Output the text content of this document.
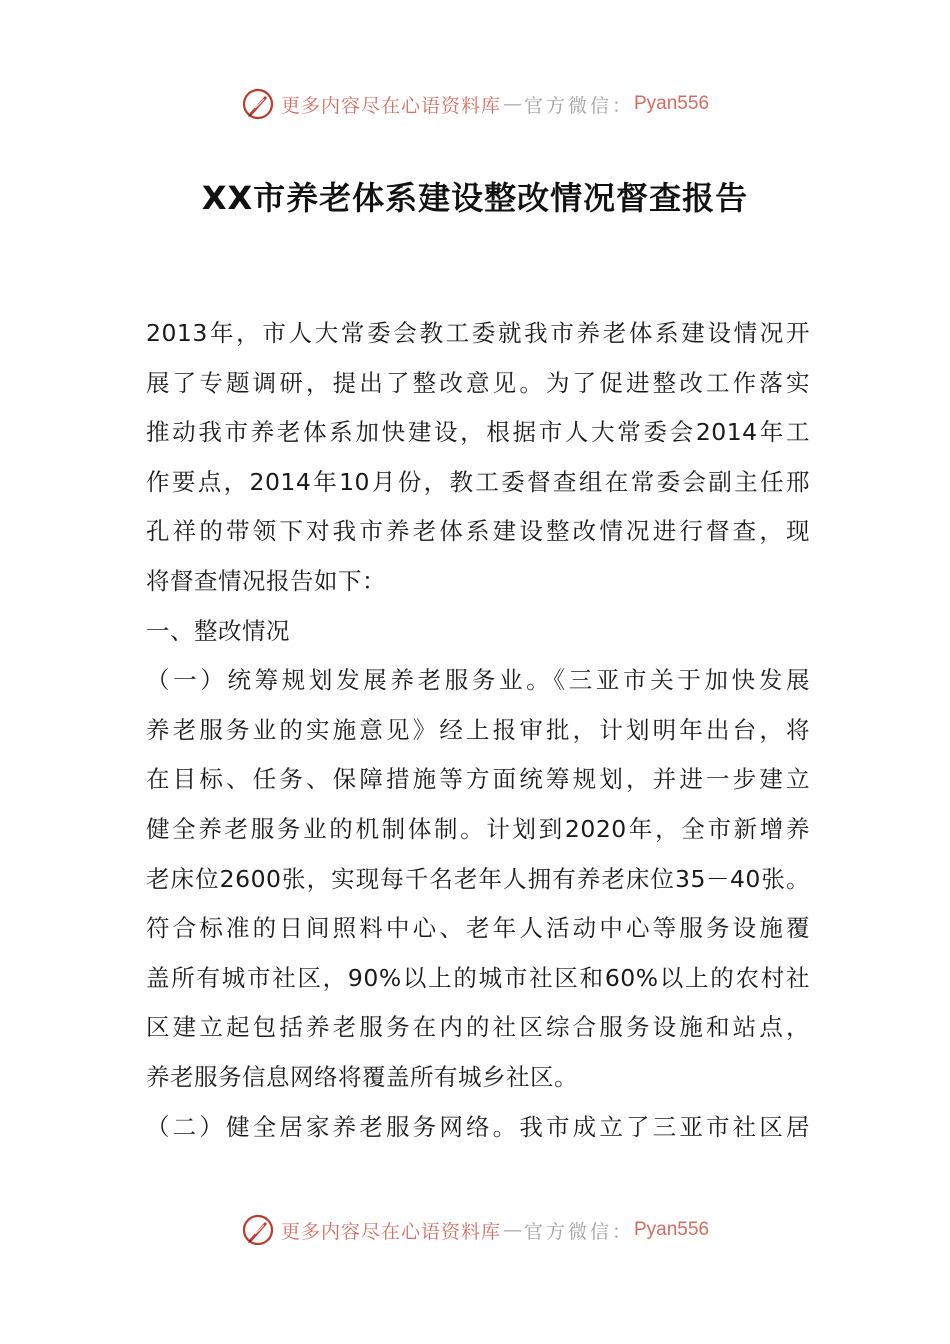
更多内容尽在心语资料库 — 官方微信： Pyan556
XX市养老体系建设整改情况督查报告
2013年，市人大常委会教工委就我市养老体系建设情况开
展了专题调研，提出了整改意见。为了促进整改工作落实
推动我市养老体系加快建设，根据市人大常委会2014年工
作要点，2014年10月份，教工委督查组在常委会副主任邢
孔祥的带领下对我市养老体系建设整改情况进行督查，现
将督查情况报告如下：
一、整改情况
（一）统筹规划发展养老服务业。《三亚市关于加快发展
养老服务业的实施意见》经上报审批，计划明年出台，将
在目标、任务、保障措施等方面统筹规划，并进一步建立
健全养老服务业的机制体制。计划到2020年，全市新增养
老床位2600张，实现每千名老年人拥有养老床位35－40张。
符合标准的日间照料中心、老年人活动中心等服务设施覆
盖所有城市社区，90%以上的城市社区和60%以上的农村社
区建立起包括养老服务在内的社区综合服务设施和站点，
养老服务信息网络将覆盖所有城乡社区。
（二）健全居家养老服务网络。我市成立了三亚市社区居
更多内容尽在心语资料库 — 官方微信： Pyan556
